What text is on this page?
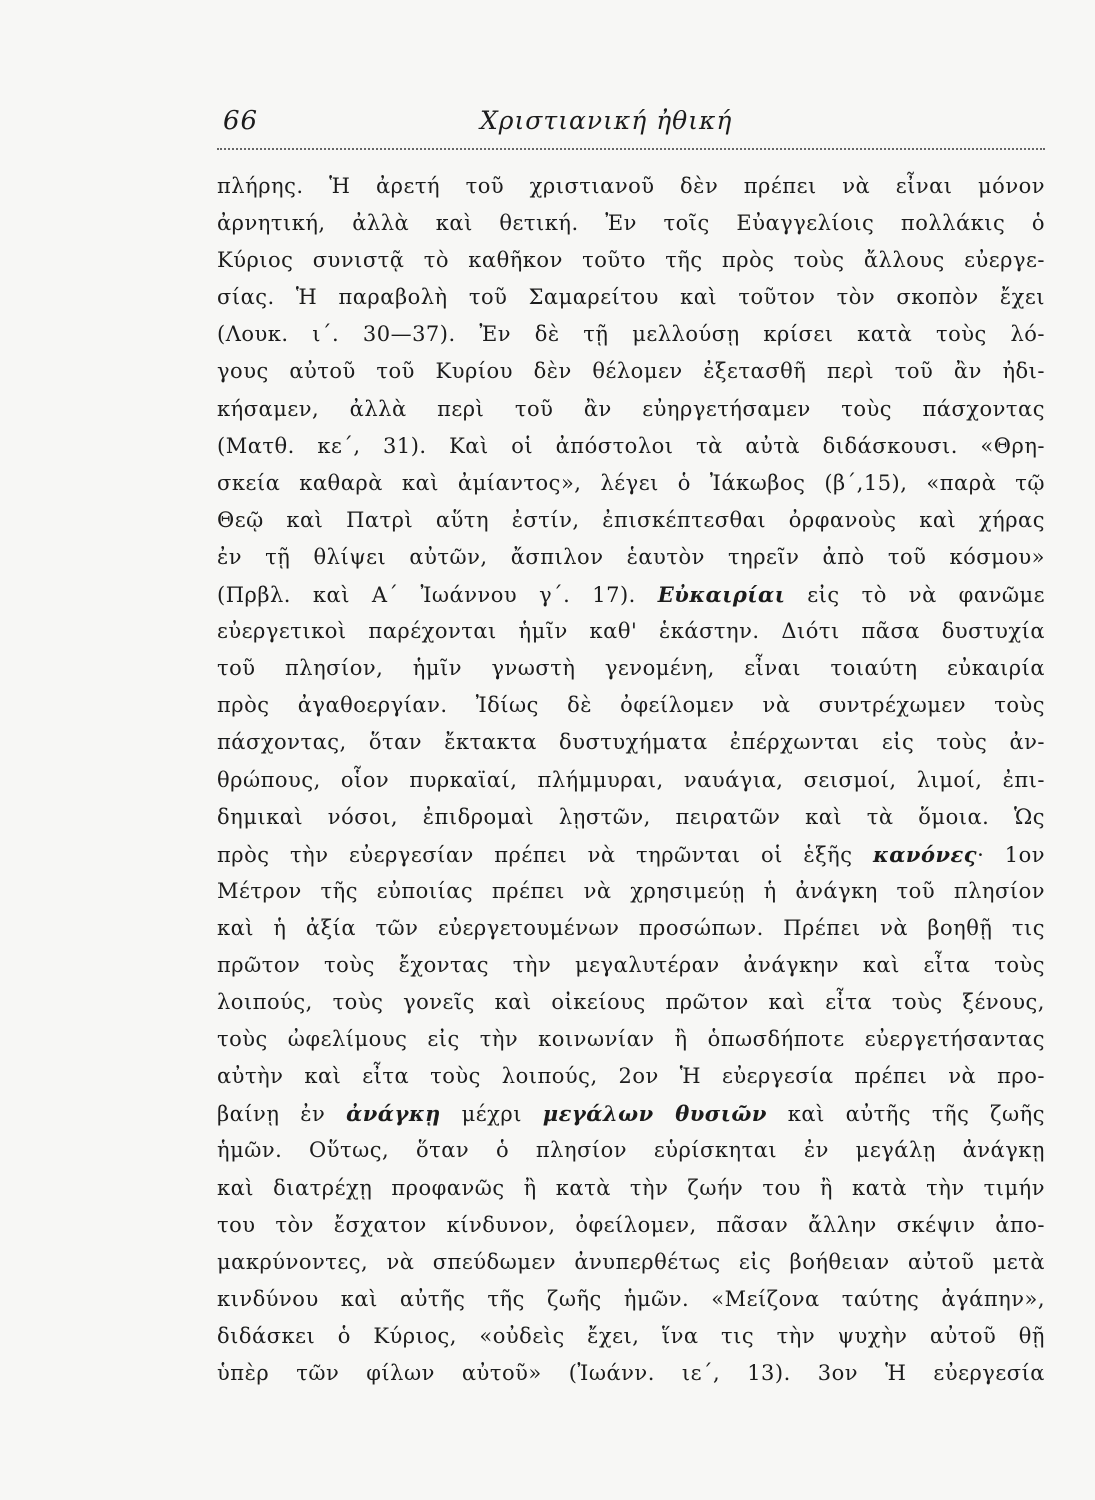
66	Χριστιανική ἠθική
πλήρης. Ἡ ἀρετή τοῦ χριστιανοῦ δὲν πρέπει νὰ εἶναι μόνον
ἀρνητική, ἀλλὰ καὶ θετική. Ἐν τοῖς Εὐαγγελίοις πολλάκις ὁ
Κύριος συνιστᾷ τὸ καθῆκον τοῦτο τῆς πρὸς τοὺς ἄλλους εὐεργε-
σίας. Ἡ παραβολὴ τοῦ Σαμαρείτου καὶ τοῦτον τὸν σκοπὸν ἔχει
(Λουκ. ι΄. 30—37). Ἐν δὲ τῇ μελλούσῃ κρίσει κατὰ τοὺς λό-
γους αὐτοῦ τοῦ Κυρίου δὲν θέλομεν ἐξετασθῆ περὶ τοῦ ἂν ἠδι-
κήσαμεν, ἀλλὰ περὶ τοῦ ἂν εὐηργετήσαμεν τοὺς πάσχοντας
(Ματθ. κε΄, 31). Καὶ οἱ ἀπόστολοι τὰ αὐτὰ διδάσκουσι. «Θρη-
σκεία καθαρὰ καὶ ἀμίαντος», λέγει ὁ Ἰάκωβος (β΄,15), «παρὰ τῷ
Θεῷ καὶ Πατρὶ αὕτη ἐστίν, ἐπισκέπτεσθαι ὀρφανοὺς καὶ χήρας
ἐν τῇ θλίψει αὐτῶν, ἄσπιλον ἑαυτὸν τηρεῖν ἀπὸ τοῦ κόσμου»
(Πρβλ. καὶ Α΄ Ἰωάννου γ΄. 17). Εὐκαιρίαι εἰς τὸ νὰ φανῶμε
εὐεργετικοὶ παρέχονται ἡμῖν καθ' ἑκάστην. Διότι πᾶσα δυστυχία
τοῦ πλησίον, ἡμῖν γνωστὴ γενομένη, εἶναι τοιαύτη εὐκαιρία
πρὸς ἀγαθοεργίαν. Ἰδίως δὲ ὀφείλομεν νὰ συντρέχωμεν τοὺς
πάσχοντας, ὅταν ἔκτακτα δυστυχήματα ἐπέρχωνται εἰς τοὺς ἀν-
θρώπους, οἷον πυρκαϊαί, πλήμμυραι, ναυάγια, σεισμοί, λιμοί, ἐπι-
δημικαὶ νόσοι, ἐπιδρομαὶ λῃστῶν, πειρατῶν καὶ τὰ ὅμοια. Ὡς
πρὸς τὴν εὐεργεσίαν πρέπει νὰ τηρῶνται οἱ ἑξῆς κανόνες· 1ον
Μέτρον τῆς εὐποιίας πρέπει νὰ χρησιμεύῃ ἡ ἀνάγκη τοῦ πλησίον
καὶ ἡ ἀξία τῶν εὐεργετουμένων προσώπων. Πρέπει νὰ βοηθῇ τις
πρῶτον τοὺς ἔχοντας τὴν μεγαλυτέραν ἀνάγκην καὶ εἶτα τοὺς
λοιπούς, τοὺς γονεῖς καὶ οἰκείους πρῶτον καὶ εἶτα τοὺς ξένους,
τοὺς ὠφελίμους εἰς τὴν κοινωνίαν ἢ ὁπωσδήποτε εὐεργετήσαντας
αὐτὴν καὶ εἶτα τοὺς λοιπούς, 2ον Ἡ εὐεργεσία πρέπει νὰ προ-
βαίνῃ ἐν ἀνάγκῃ μέχρι μεγάλων θυσιῶν καὶ αὐτῆς τῆς ζωῆς
ἡμῶν. Οὕτως, ὅταν ὁ πλησίον εὑρίσκηται ἐν μεγάλῃ ἀνάγκῃ
καὶ διατρέχῃ προφανῶς ἢ κατὰ τὴν ζωήν του ἢ κατὰ τὴν τιμήν
του τὸν ἔσχατον κίνδυνον, ὀφείλομεν, πᾶσαν ἄλλην σκέψιν ἀπο-
μακρύνοντες, νὰ σπεύδωμεν ἀνυπερθέτως εἰς βοήθειαν αὐτοῦ μετὰ
κινδύνου καὶ αὐτῆς τῆς ζωῆς ἡμῶν. «Μείζονα ταύτης ἀγάπην»,
διδάσκει ὁ Κύριος, «οὐδεὶς ἔχει, ἵνα τις τὴν ψυχὴν αὐτοῦ θῇ
ὑπὲρ τῶν φίλων αὐτοῦ» (Ἰωάνν. ιε΄, 13). 3ον Ἡ εὐεργεσία
